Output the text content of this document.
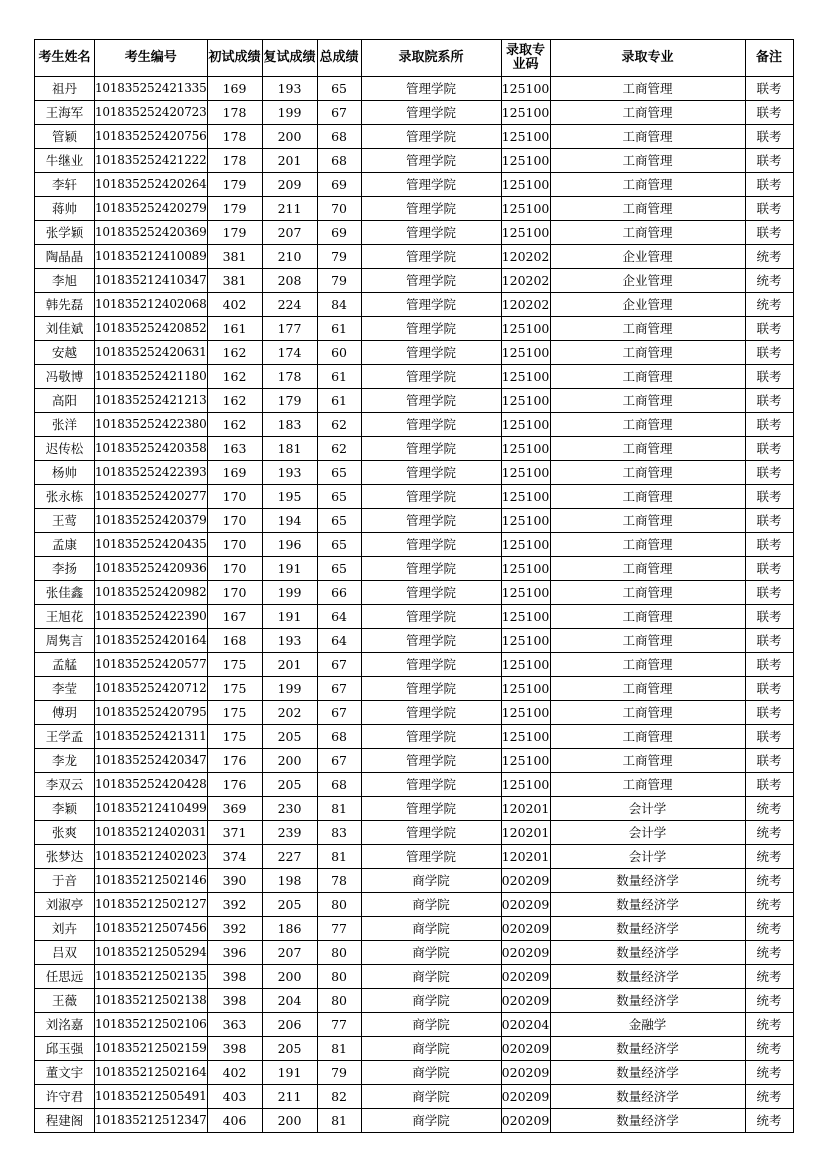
考生姓名	考生编号	初试成绩	复试成绩	总成绩	录取院系所	录取专业码	录取专业	备注
祖丹	101835252421335	169	193	65	管理学院	125100	工商管理	联考
王海军	101835252420723	178	199	67	管理学院	125100	工商管理	联考
管颖	101835252420756	178	200	68	管理学院	125100	工商管理	联考
牛继业	101835252421222	178	201	68	管理学院	125100	工商管理	联考
李轩	101835252420264	179	209	69	管理学院	125100	工商管理	联考
蒋帅	101835252420279	179	211	70	管理学院	125100	工商管理	联考
张学颖	101835252420369	179	207	69	管理学院	125100	工商管理	联考
陶晶晶	101835212410089	381	210	79	管理学院	120202	企业管理	统考
李旭	101835212410347	381	208	79	管理学院	120202	企业管理	统考
韩先磊	101835212402068	402	224	84	管理学院	120202	企业管理	统考
刘佳斌	101835252420852	161	177	61	管理学院	125100	工商管理	联考
安越	101835252420631	162	174	60	管理学院	125100	工商管理	联考
冯敬博	101835252421180	162	178	61	管理学院	125100	工商管理	联考
高阳	101835252421213	162	179	61	管理学院	125100	工商管理	联考
张洋	101835252422380	162	183	62	管理学院	125100	工商管理	联考
迟传松	101835252420358	163	181	62	管理学院	125100	工商管理	联考
杨帅	101835252422393	169	193	65	管理学院	125100	工商管理	联考
张永栋	101835252420277	170	195	65	管理学院	125100	工商管理	联考
王莺	101835252420379	170	194	65	管理学院	125100	工商管理	联考
孟康	101835252420435	170	196	65	管理学院	125100	工商管理	联考
李扬	101835252420936	170	191	65	管理学院	125100	工商管理	联考
张佳鑫	101835252420982	170	199	66	管理学院	125100	工商管理	联考
王旭花	101835252422390	167	191	64	管理学院	125100	工商管理	联考
周隽言	101835252420164	168	193	64	管理学院	125100	工商管理	联考
孟艋	101835252420577	175	201	67	管理学院	125100	工商管理	联考
李莹	101835252420712	175	199	67	管理学院	125100	工商管理	联考
傅玥	101835252420795	175	202	67	管理学院	125100	工商管理	联考
王学孟	101835252421311	175	205	68	管理学院	125100	工商管理	联考
李龙	101835252420347	176	200	67	管理学院	125100	工商管理	联考
李双云	101835252420428	176	205	68	管理学院	125100	工商管理	联考
李颖	101835212410499	369	230	81	管理学院	120201	会计学	统考
张爽	101835212402031	371	239	83	管理学院	120201	会计学	统考
张梦达	101835212402023	374	227	81	管理学院	120201	会计学	统考
于音	101835212502146	390	198	78	商学院	020209	数量经济学	统考
刘淑亭	101835212502127	392	205	80	商学院	020209	数量经济学	统考
刘卉	101835212507456	392	186	77	商学院	020209	数量经济学	统考
吕双	101835212505294	396	207	80	商学院	020209	数量经济学	统考
任思远	101835212502135	398	200	80	商学院	020209	数量经济学	统考
王薇	101835212502138	398	204	80	商学院	020209	数量经济学	统考
刘洺嘉	101835212502106	363	206	77	商学院	020204	金融学	统考
邱玉强	101835212502159	398	205	81	商学院	020209	数量经济学	统考
董文宇	101835212502164	402	191	79	商学院	020209	数量经济学	统考
许守君	101835212505491	403	211	82	商学院	020209	数量经济学	统考
程建阁	101835212512347	406	200	81	商学院	020209	数量经济学	统考
